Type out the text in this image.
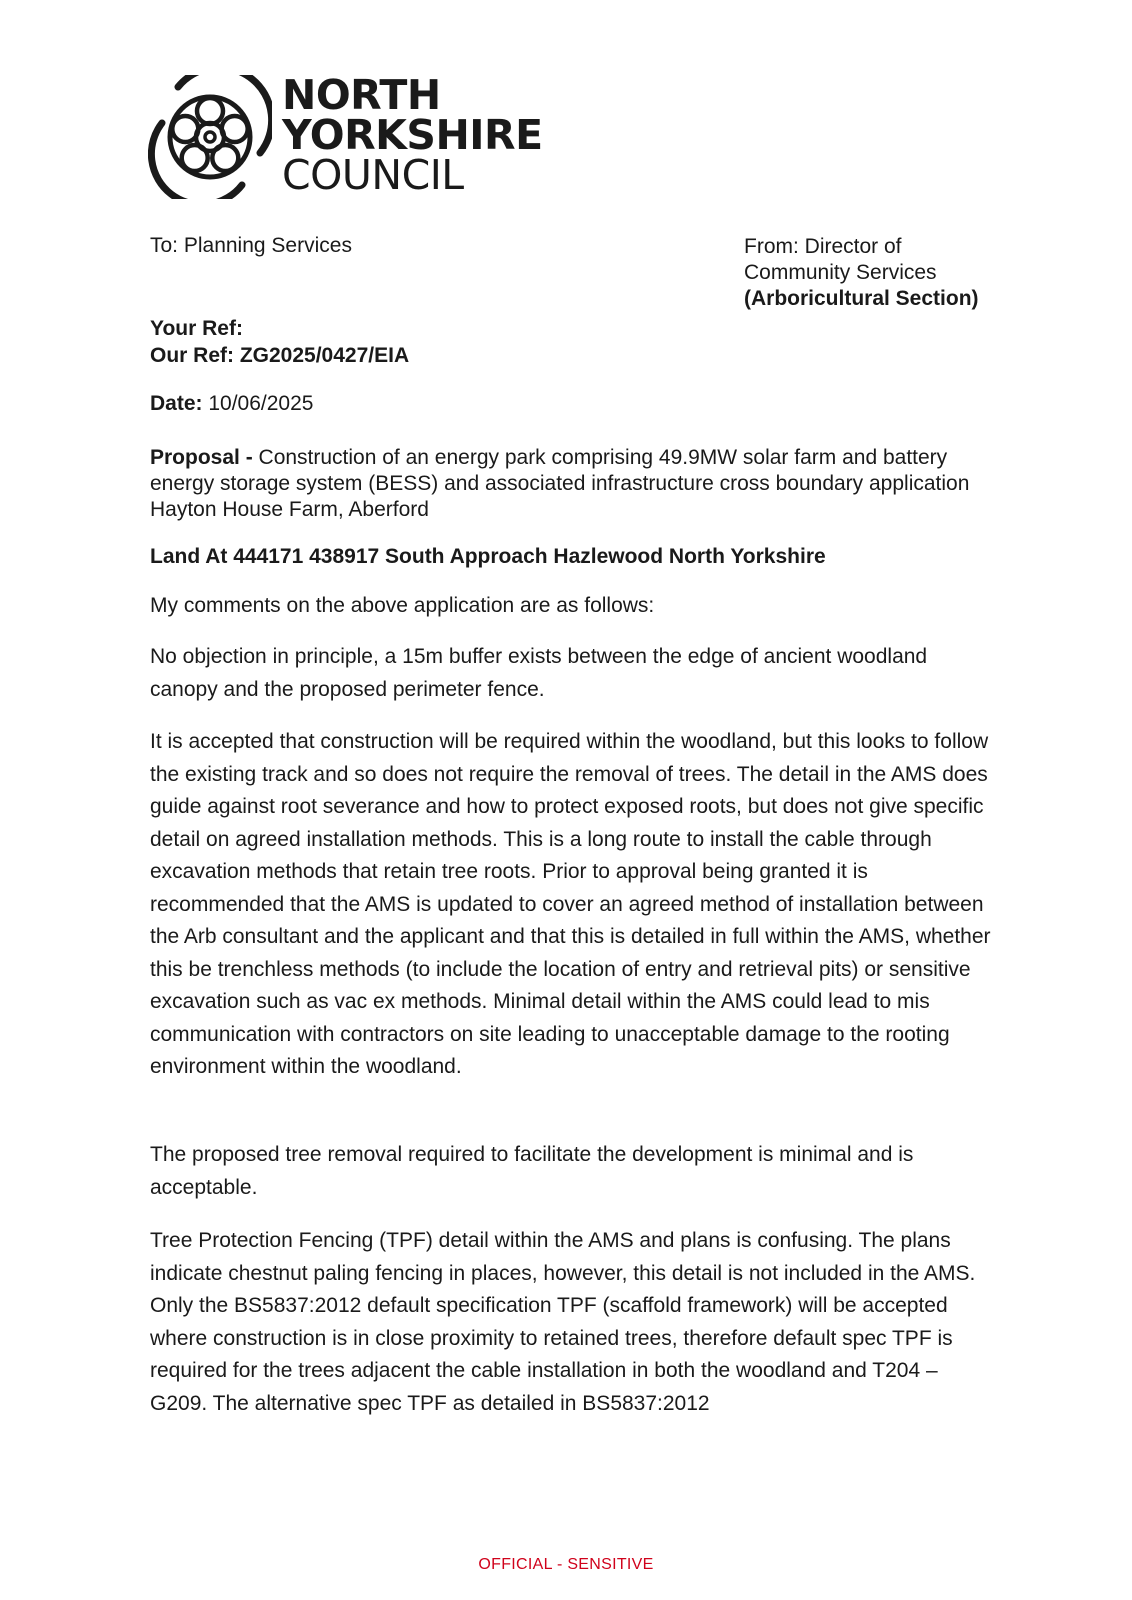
NORTH
YORKSHIRE
COUNCIL
To: Planning Services	From: Director of
Community Services
(Arboricultural Section)
Your Ref:
Our Ref: ZG2025/0427/EIA
Date: 10/06/2025
Proposal - Construction of an energy park comprising 49.9MW solar farm and battery energy storage system (BESS) and associated infrastructure cross boundary application Hayton House Farm, Aberford
Land At 444171 438917 South Approach Hazlewood North Yorkshire
My comments on the above application are as follows:
No objection in principle, a 15m buffer exists between the edge of ancient woodland canopy and the proposed perimeter fence.
It is accepted that construction will be required within the woodland, but this looks to follow the existing track and so does not require the removal of trees. The detail in the AMS does guide against root severance and how to protect exposed roots, but does not give specific detail on agreed installation methods. This is a long route to install the cable through excavation methods that retain tree roots. Prior to approval being granted it is recommended that the AMS is updated to cover an agreed method of installation between the Arb consultant and the applicant and that this is detailed in full within the AMS, whether this be trenchless methods (to include the location of entry and retrieval pits) or sensitive excavation such as vac ex methods. Minimal detail within the AMS could lead to mis communication with contractors on site leading to unacceptable damage to the rooting environment within the woodland.
The proposed tree removal required to facilitate the development is minimal and is acceptable.
Tree Protection Fencing (TPF) detail within the AMS and plans is confusing. The plans indicate chestnut paling fencing in places, however, this detail is not included in the AMS. Only the BS5837:2012 default specification TPF (scaffold framework) will be accepted where construction is in close proximity to retained trees, therefore default spec TPF is required for the trees adjacent the cable installation in both the woodland and T204 – G209. The alternative spec TPF as detailed in BS5837:2012
OFFICIAL - SENSITIVE
